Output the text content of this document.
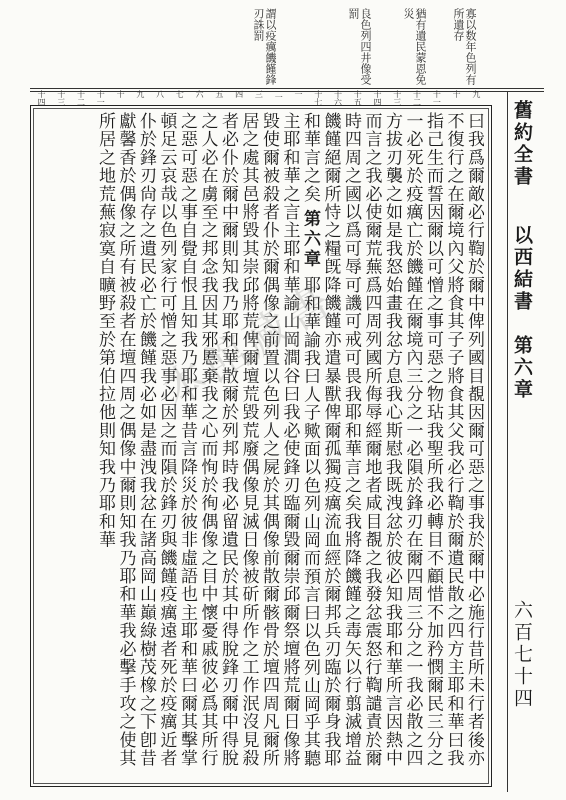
謂以疫癘饑饉鋒刃誅罰	良色列四井像受罰	猶有遺民蒙恩免災	寡以数年色列有所遺存
九
十
十一
十二
十三
十四
十五
十六
十七
一
二
三
四
五
六
七
八
九
十
十一
十二
十三
十四
曰我爲爾敵必行鞫於爾中俾列國目覩因爾可惡之事我於爾中必施行昔所未行者後亦不復行之在爾境內父將食其子子將食其父我必行鞫於爾遺民散之四方主耶和華曰我指己生而誓因爾以可憎之事可惡之物玷我聖所我必轉目不顧惜不加矜憫爾民三分之一必死於疫癘亡於饑饉在爾境內三分之一必隕於鋒刃在爾四周三分之一我必散之四方拔刃襲之如是我怒始畫我忿方息我心斯慰我既洩忿於彼必知我耶和華所言因熱中而言之我必使爾荒蕪爲四周列國所侮辱經爾地者咸目覩之我發忿震怒行鞫譴責於爾時四周之國以爲可辱可譏可戒可畏我耶和華言之矣我將降饑饉之毒矢以行翦滅增益饑饉絕爾所恃之糧旣降饑饉亦遣暴獸俾爾孤獨疫癘流血經於爾邦兵刃臨於爾身我耶和華言之矣 第六章 耶和華諭我曰人子歟面以色列山岡而預言曰以色列山岡乎其聽主耶和華之言主耶和華諭山岡澗谷曰我必使鋒刃臨爾毀爾崇邱爾祭壇將荒爾日像將毀使爾被殺者仆於爾偶像之前置以色列人之屍於其偶像前散爾骸骨於壇四周凡爾所居之處其邑將毀其崇邱將荒俾爾壇荒毀荒廢偶像見滅日像被斫所作之工作泯沒見殺者必仆於爾中爾則知我乃耶和華散爾於列邦時我必留遺民於其中得脫鋒刃爾中得脫之人必在虜至之邦念我因其邪慝棄我之心而恂於徇偶像之目中懷憂戚彼必爲其所行之惡可惡之事自覺自恨且知我乃耶和華昔言降災於彼非虛語也主耶和華曰爾其擊掌頓足云哀哉以色列家行可憎之惡事必因之而隕於鋒刃與饑饉疫癘遠者死於疫癘近者仆於鋒刃尙存之遺民必亡於饑饉我必如是盡洩我忿在諸高岡山巔綠樹茂橡之下卽昔獻馨香於偶像之所有被殺者在壇四周之偶像中爾則知我乃耶和華我必擊手攻之使其所居之地荒蕪寂寞自曠野至於第伯拉他則知我乃耶和華	舊約全書
以西結書
第六章
六百七十四
本館藏書
